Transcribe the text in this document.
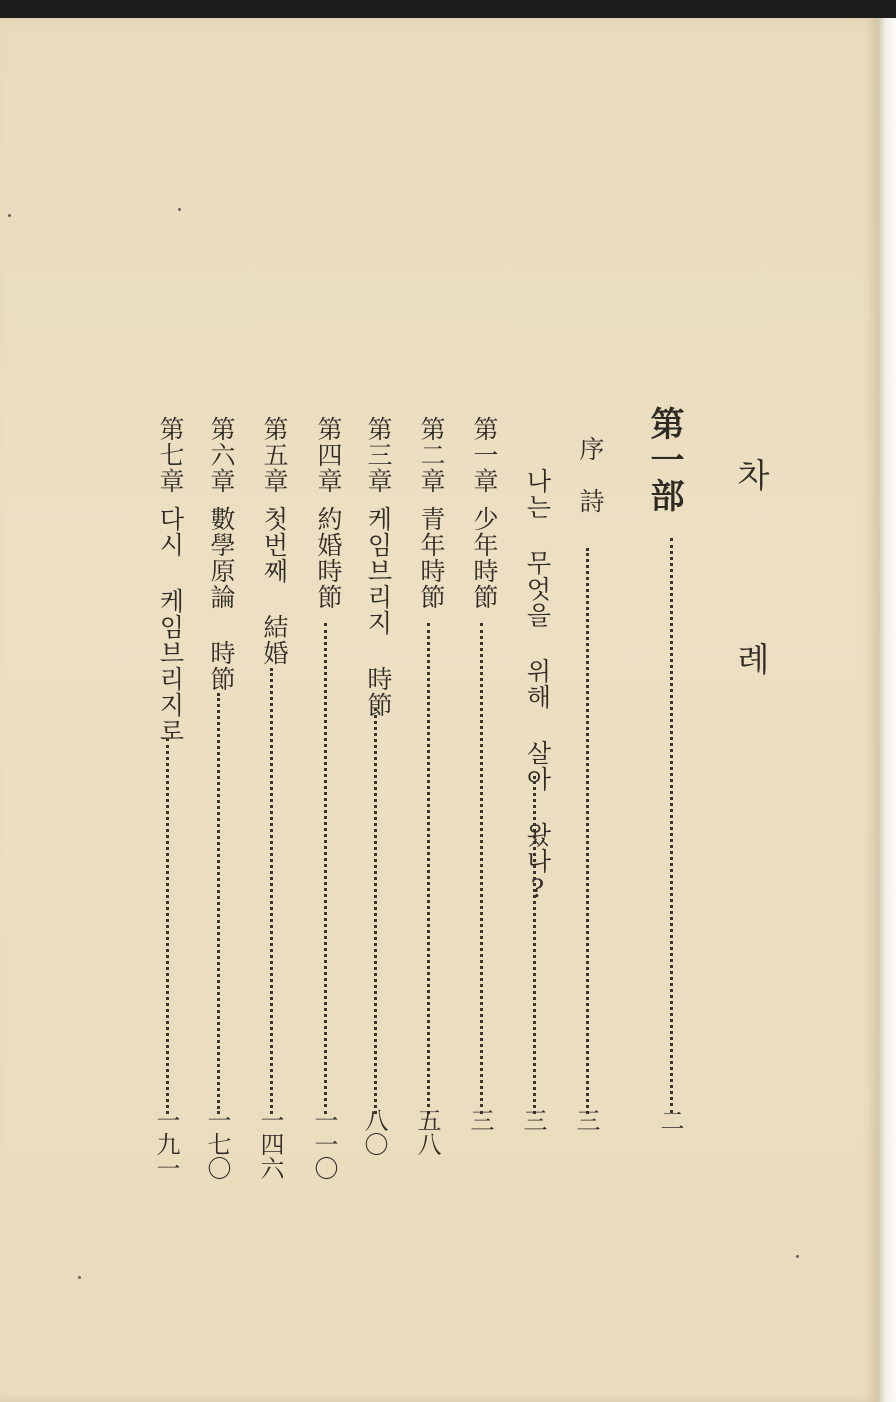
차 례
第一部
二
序　詩
三
나는 무엇을 위해 살아 왔나?
三
第一章
少年時節
三
第二章
青年時節
五八
第三章
케임브리지 時節
八〇
第四章
約婚時節
一一〇
第五章
첫번째 結婚
一四六
第六章
數學原論 時節
一七〇
第七章
다시 케임브리지로
一九一
